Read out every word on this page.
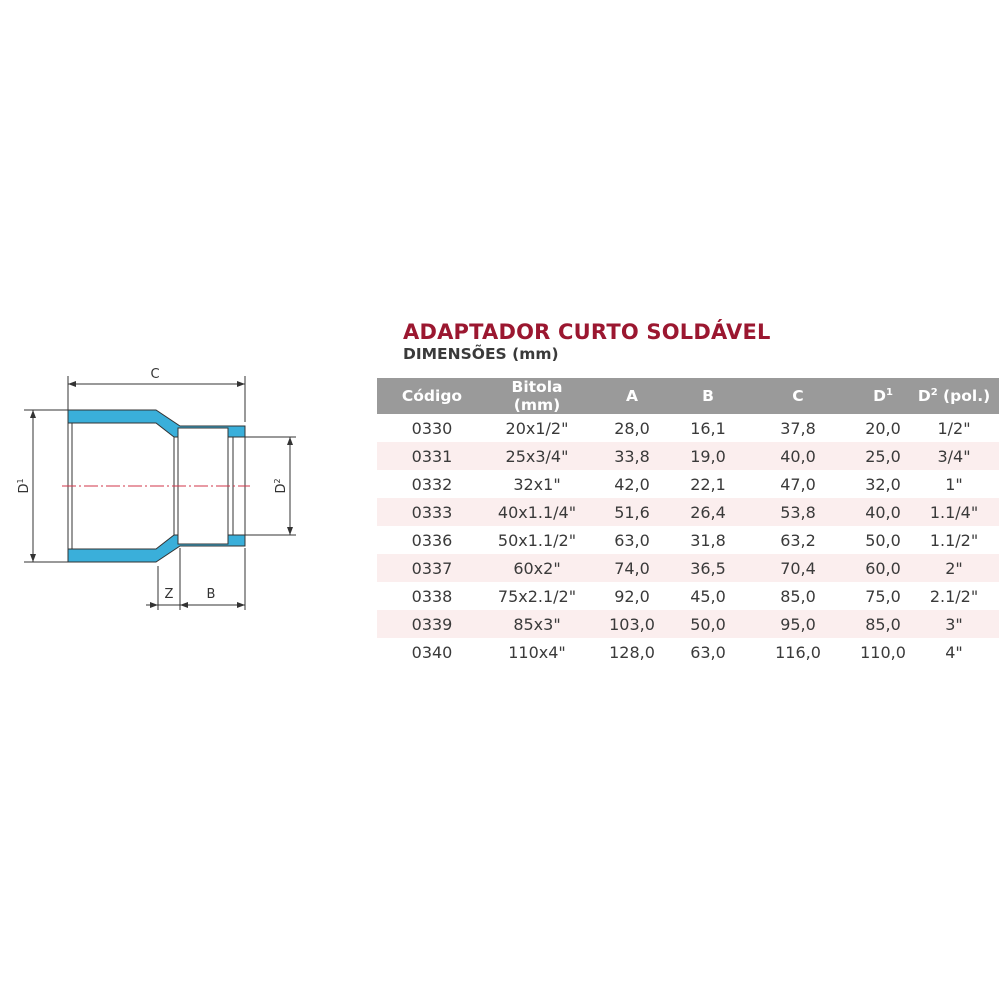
C
$D^1$
$D^2$
Z	B
ADAPTADOR CURTO SOLDÁVEL
DIMENSÕES (mm)
Código	Bitola (mm)	A	B	C	$D^1$	$D^2$ (pol.)
0330	20x1/2"	28,0	16,1	37,8	20,0	1/2"
0331	25x3/4"	33,8	19,0	40,0	25,0	3/4"
0332	32x1"	42,0	22,1	47,0	32,0	1"
0333	40x1.1/4"	51,6	26,4	53,8	40,0	1.1/4"
0336	50x1.1/2"	63,0	31,8	63,2	50,0	1.1/2"
0337	60x2"	74,0	36,5	70,4	60,0	2"
0338	75x2.1/2"	92,0	45,0	85,0	75,0	2.1/2"
0339	85x3"	103,0	50,0	95,0	85,0	3"
0340	110x4"	128,0	63,0	116,0	110,0	4"
